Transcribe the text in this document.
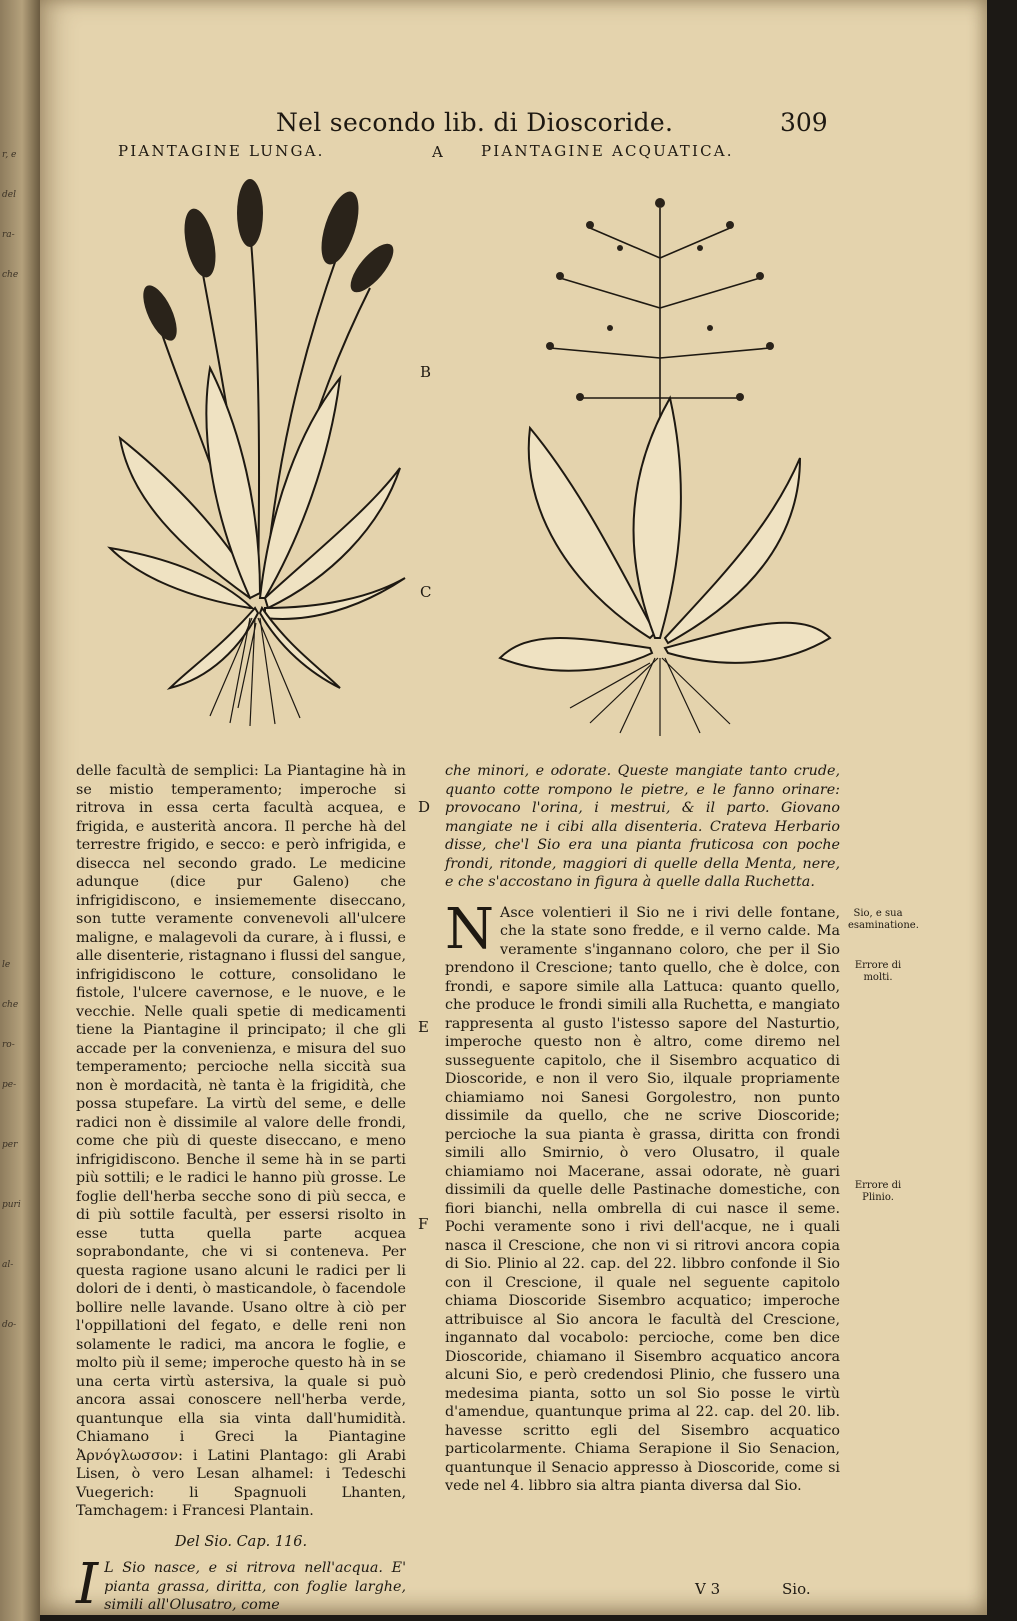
r, e
del
ra-
che
le
che
ro-
pe-
per
puri
al-
do-
Nel secondo lib. di Dioscoride.	309
PIANTAGINE LUNGA.	A	PIANTAGINE ACQUATICA.
B
C
D
E
F

delle facultà de semplici: La Piantagine hà in se mistio temperamento; imperoche si ritrova in essa certa facultà acquea, e frigida, e austerità ancora. Il perche hà del terrestre frigido, e secco: e però infrigida, e disecca nel secondo grado. Le medicine adunque (dice pur Galeno) che infrigidiscono, e insiememente diseccano, son tutte veramente convenevoli all'ulcere maligne, e malagevoli da curare, à i flussi, e alle disenterie, ristagnano i flussi del sangue, infrigidiscono le cotture, consolidano le fistole, l'ulcere cavernose, e le nuove, e le vecchie. Nelle quali spetie di medicamenti tiene la Piantagine il principato; il che gli accade per la convenienza, e misura del suo temperamento; percioche nella siccità sua non è mordacità, nè tanta è la frigidità, che possa stupefare. La virtù del seme, e delle radici non è dissimile al valore delle frondi, come che più di queste diseccano, e meno infrigidiscono. Benche il seme hà in se parti più sottili; e le radici le hanno più grosse. Le foglie dell'herba secche sono di più secca, e di più sottile facultà, per essersi risolto in esse tutta quella parte acquea soprabondante, che vi si conteneva. Per questa ragione usano alcuni le radici per li dolori de i denti, ò masticandole, ò facendole bollire nelle lavande. Usano oltre à ciò per l'oppillationi del fegato, e delle reni non solamente le radici, ma ancora le foglie, e molto più il seme; imperoche questo hà in se una certa virtù astersiva, la quale si può ancora assai conoscere nell'herba verde, quantunque ella sia vinta dall'humidità. Chiamano i Greci la Piantagine Ἀρνόγλωσσον: i Latini Plantago: gli Arabi Lisen, ò vero Lesan alhamel: i Tedeschi Vuegerich: li Spagnuoli Lhanten, Tamchagem: i Francesi Plantain.

Del Sio. Cap. 116.

I L Sio nasce, e si ritrova nell'acqua. E' pianta grassa, diritta, con foglie larghe, simili all'Olusatro, come

che minori, e odorate. Queste mangiate tanto crude, quanto cotte rompono le pietre, e le fanno orinare: provocano l'orina, i mestrui, & il parto. Giovano mangiate ne i cibi alla disenteria. Crateva Herbario disse, che'l Sio era una pianta fruticosa con poche frondi, ritonde, maggiori di quelle della Menta, nere, e che s'accostano in figura à quelle dalla Ruchetta.

N Asce volentieri il Sio ne i rivi delle fontane, che la state sono fredde, e il verno calde. Ma veramente s'ingannano coloro, che per il Sio prendono il Crescione; tanto quello, che è dolce, con frondi, e sapore simile alla Lattuca: quanto quello, che produce le frondi simili alla Ruchetta, e mangiato rappresenta al gusto l'istesso sapore del Nasturtio, imperoche questo non è altro, come diremo nel susseguente capitolo, che il Sisembro acquatico di Dioscoride, e non il vero Sio, ilquale propriamente chiamiamo noi Sanesi Gorgolestro, non punto dissimile da quello, che ne scrive Dioscoride; percioche la sua pianta è grassa, diritta con frondi simili allo Smirnio, ò vero Olusatro, il quale chiamiamo noi Macerane, assai odorate, nè guari dissimili da quelle delle Pastinache domestiche, con fiori bianchi, nella ombrella di cui nasce il seme. Pochi veramente sono i rivi dell'acque, ne i quali nasca il Crescione, che non vi si ritrovi ancora copia di Sio. Plinio al 22. cap. del 22. libbro confonde il Sio con il Crescione, il quale nel seguente capitolo chiama Dioscoride Sisembro acquatico; imperoche attribuisce al Sio ancora le facultà del Crescione, ingannato dal vocabolo: percioche, come ben dice Dioscoride, chiamano il Sisembro acquatico ancora alcuni Sio, e però credendosi Plinio, che fussero una medesima pianta, sotto un sol Sio posse le virtù d'amendue, quantunque prima al 22. cap. del 20. lib. havesse scritto egli del Sisembro acquatico particolarmente. Chiama Serapione il Sio Senacion, quantunque il Senacio appresso à Dioscoride, come si vede nel 4. libbro sia altra pianta diversa dal Sio.

Sio, e sua esaminatione.
Errore di molti.
Errore di Plinio.
V 3	Sio.
